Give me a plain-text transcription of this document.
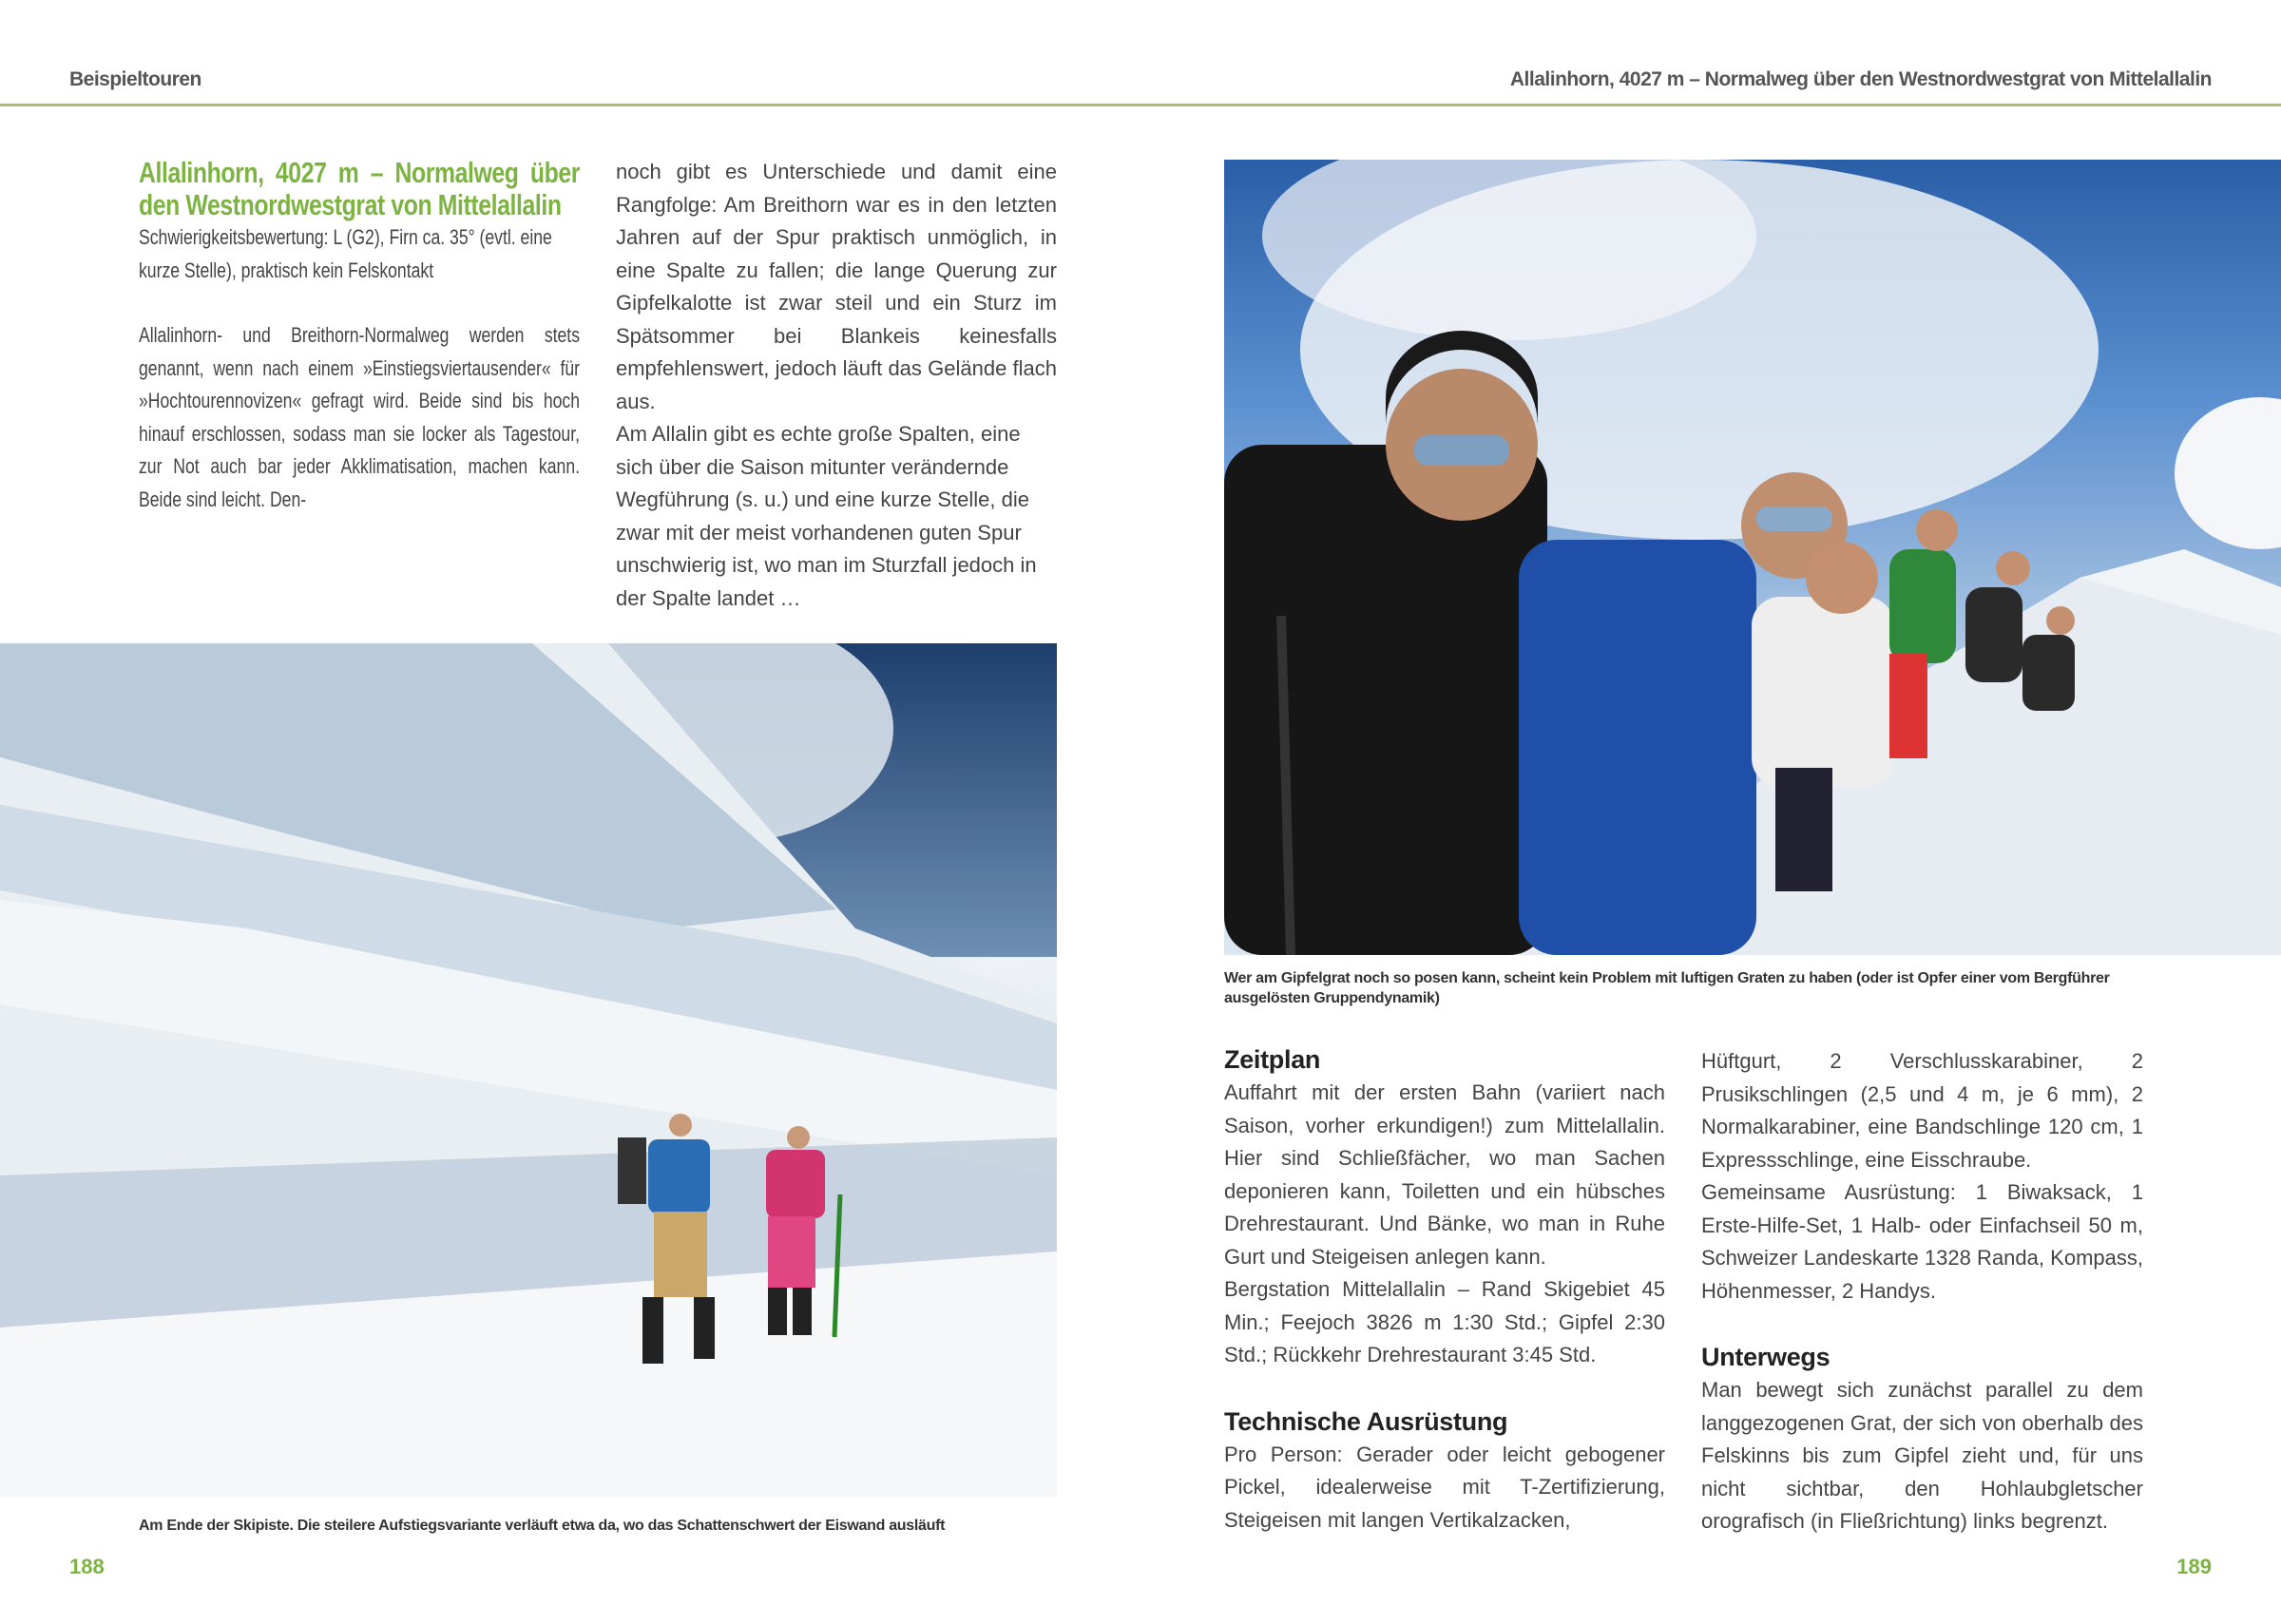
Beispieltouren	Allalinhorn, 4027 m – Normalweg über den Westnordwestgrat von Mittelallalin
Allalinhorn, 4027 m – Normalweg über den Westnordwestgrat von Mittelallalin

Schwierigkeitsbewertung: L (G2), Firn ca. 35° (evtl. eine kurze Stelle), praktisch kein Felskontakt

Allalinhorn- und Breithorn-Normalweg werden stets genannt, wenn nach einem »Einstiegsviertausender« für »Hochtourennovizen« gefragt wird. Beide sind bis hoch hinauf erschlossen, sodass man sie locker als Tagestour, zur Not auch bar jeder Akklimatisation, machen kann. Beide sind leicht. Den-

noch gibt es Unterschiede und damit eine Rangfolge: Am Breithorn war es in den letzten Jahren auf der Spur praktisch unmöglich, in eine Spalte zu fallen; die lange Querung zur Gipfelkalotte ist zwar steil und ein Sturz im Spätsommer bei Blankeis keinesfalls empfehlenswert, jedoch läuft das Gelände flach aus.

Am Allalin gibt es echte große Spalten, eine sich über die Saison mitunter verändernde Wegführung (s. u.) und eine kurze Stelle, die zwar mit der meist vorhandenen guten Spur unschwierig ist, wo man im Sturzfall jedoch in der Spalte landet …

Am Ende der Skipiste. Die steilere Aufstiegsvariante verläuft etwa da, wo das Schattenschwert der Eiswand ausläuft
188
Wer am Gipfelgrat noch so posen kann, scheint kein Problem mit luftigen Graten zu haben (oder ist Opfer einer vom Bergführer ausgelösten Gruppendynamik)
Zeitplan

Auffahrt mit der ersten Bahn (variiert nach Saison, vorher erkundigen!) zum Mittelallalin. Hier sind Schließfächer, wo man Sachen deponieren kann, Toiletten und ein hübsches Drehrestaurant. Und Bänke, wo man in Ruhe Gurt und Steigeisen anlegen kann.

Bergstation Mittelallalin – Rand Skigebiet 45 Min.; Feejoch 3826 m 1:30 Std.; Gipfel 2:30 Std.; Rückkehr Drehrestaurant 3:45 Std.

Technische Ausrüstung

Pro Person: Gerader oder leicht gebogener Pickel, idealerweise mit T-Zertifizierung, Steigeisen mit langen Vertikalzacken,

Hüftgurt, 2 Verschlusskarabiner, 2 Prusikschlingen (2,5 und 4 m, je 6 mm), 2 Normalkarabiner, eine Bandschlinge 120 cm, 1 Expressschlinge, eine Eisschraube.

Gemeinsame Ausrüstung: 1 Biwaksack, 1 Erste-Hilfe-Set, 1 Halb- oder Einfachseil 50 m, Schweizer Landeskarte 1328 Randa, Kompass, Höhenmesser, 2 Handys.

Unterwegs

Man bewegt sich zunächst parallel zu dem langgezogenen Grat, der sich von oberhalb des Felskinns bis zum Gipfel zieht und, für uns nicht sichtbar, den Hohlaubgletscher orografisch (in Fließrichtung) links begrenzt.

189
